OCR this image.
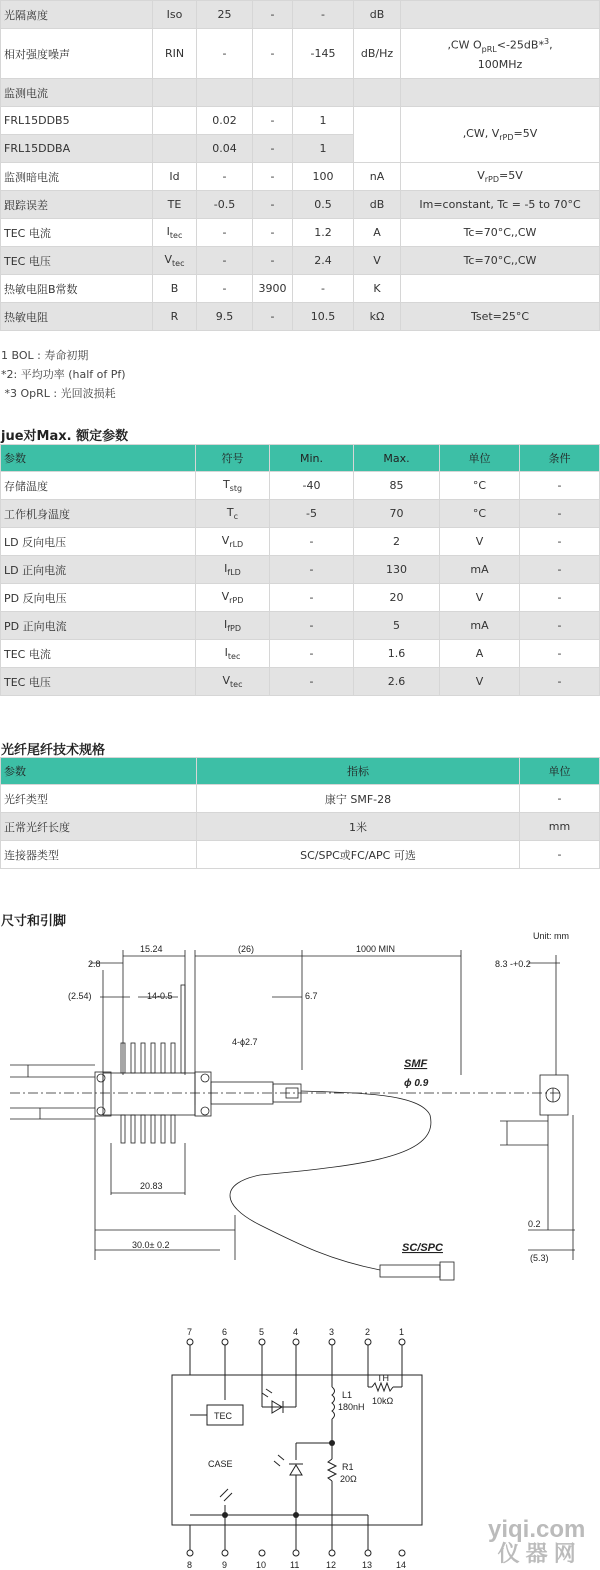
光隔离度	Iso	25	-	-	dB	
相对强度噪声	RIN	-	-	-145	dB/Hz	,CW $O_{pRL}<-25dB*^3$,
100MHz
监测电流						
FRL15DDB5		0.02	-	1		,CW, $V_{rPD}=5V$
FRL15DDBA		0.04	-	1		
监测暗电流	Id	-	-	100	nA	$V_{rPD}=5V$
跟踪误差	TE	-0.5	-	0.5	dB	Im=constant, Tc = -5 to 70°C
TEC 电流	$I_{tec}$	-	-	1.2	A	Tc=70°C,,CW
TEC 电压	$V_{tec}$	-	-	2.4	V	Tc=70°C,,CW
热敏电阻B常数	B	-	3900	-	K	
热敏电阻	R	9.5	-	10.5	kΩ	Tset=25°C
1 BOL : 寿命初期
*2: 平均功率 (half of Pf)
*3 OpRL : 光回波损耗
jue对Max. 额定参数
参数	符号	Min.	Max.	单位	条件
存储温度	$T_{stg}$	-40	85	°C	-
工作机身温度	$T_c$	-5	70	°C	-
LD 反向电压	$V_{rLD}$	-	2	V	-
LD 正向电流	$I_{fLD}$	-	130	mA	-
PD 反向电压	$V_{rPD}$	-	20	V	-
PD 正向电流	$I_{fPD}$	-	5	mA	-
TEC 电流	$I_{tec}$	-	1.6	A	-
TEC 电压	$V_{tec}$	-	2.6	V	-
光纤尾纤技术规格
参数	指标	单位
光纤类型	康宁 SMF-28	-
正常光纤长度	1米	mm
连接器类型	SC/SPC或FC/APC 可选	-
尺寸和引脚
Unit: mm
2.8
15.24	(26)	1000 MIN
8.3 -+0.2
(2.54)	14-0.5	6.7
4-ϕ2.7
SMF
ϕ 0.9
20.83
30.0± 0.2	SC/SPC
0.2
(5.3)
7	6	5	4	3	2	1
8	9	10	11	12	13	14
TEC
L1
180nH
TH
10kΩ
CASE	R1
20Ω
yiqi.com
仪 器 网
